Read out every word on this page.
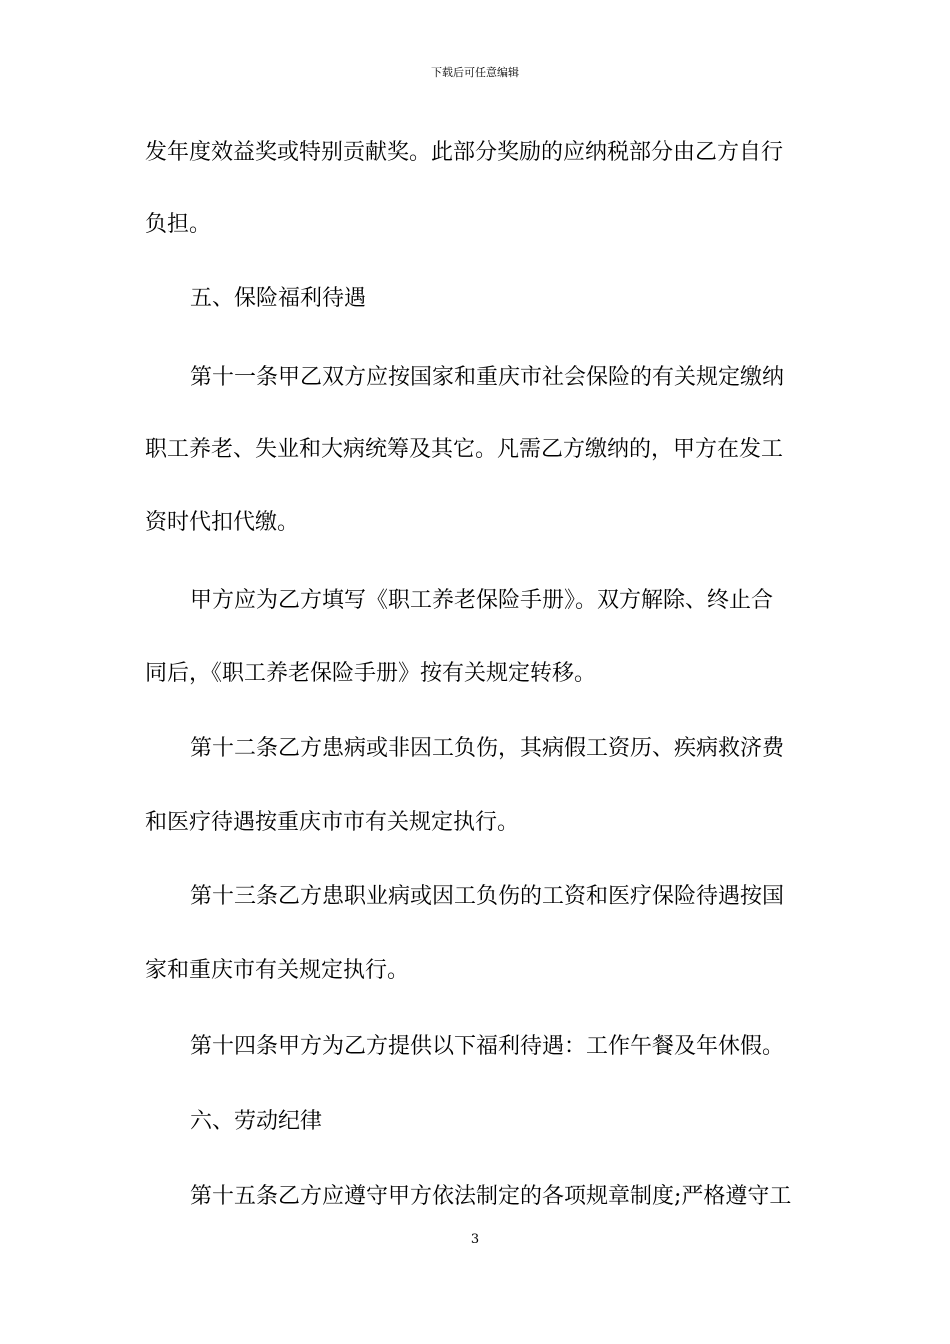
下载后可任意编辑
发年度效益奖或特别贡献奖。此部分奖励的应纳税部分由乙方自行
负担。
五、保险福利待遇
第十一条甲乙双方应按国家和重庆市社会保险的有关规定缴纳
职工养老、失业和大病统筹及其它。凡需乙方缴纳的，甲方在发工
资时代扣代缴。
甲方应为乙方填写《职工养老保险手册》。双方解除、终止合
同后，《职工养老保险手册》按有关规定转移。
第十二条乙方患病或非因工负伤，其病假工资历、疾病救济费
和医疗待遇按重庆市市有关规定执行。
第十三条乙方患职业病或因工负伤的工资和医疗保险待遇按国
家和重庆市有关规定执行。
第十四条甲方为乙方提供以下福利待遇：工作午餐及年休假。
六、劳动纪律
第十五条乙方应遵守甲方依法制定的各项规章制度;严格遵守工
3
